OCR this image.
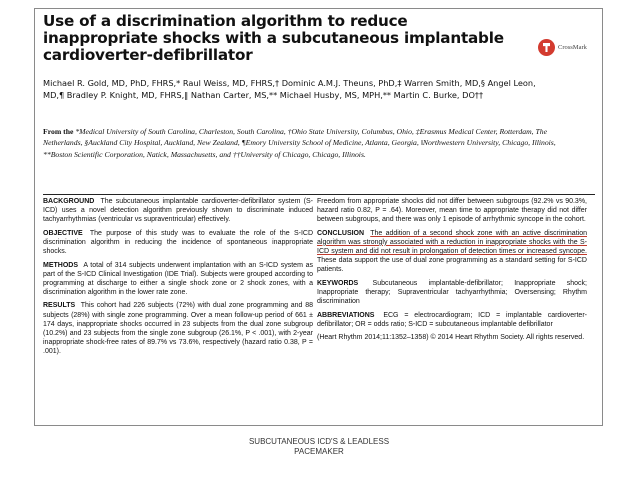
Use of a discrimination algorithm to reduce inappropriate shocks with a subcutaneous implantable cardioverter-defibrillator	CrossMark

Michael R. Gold, MD, PhD, FHRS,* Raul Weiss, MD, FHRS,† Dominic A.M.J. Theuns, PhD,‡ Warren Smith, MD,§ Angel Leon, MD,¶ Bradley P. Knight, MD, FHRS,‖ Nathan Carter, MS,** Michael Husby, MS, MPH,** Martin C. Burke, DO††

From the *Medical University of South Carolina, Charleston, South Carolina, †Ohio State University, Columbus, Ohio, ‡Erasmus Medical Center, Rotterdam, The Netherlands, §Auckland City Hospital, Auckland, New Zealand, ¶Emory University School of Medicine, Atlanta, Georgia, ‖Northwestern University, Chicago, Illinois, **Boston Scientific Corporation, Natick, Massachusetts, and ††University of Chicago, Chicago, Illinois.

BACKGROUND The subcutaneous implantable cardioverter-defibrillator system (S-ICD) uses a novel detection algorithm previously shown to discriminate induced tachyarrhythmias (ventricular vs supraventricular) effectively.

OBJECTIVE The purpose of this study was to evaluate the role of the S-ICD discrimination algorithm in reducing the incidence of spontaneous inappropriate shocks.

METHODS A total of 314 subjects underwent implantation with an S-ICD system as part of the S-ICD Clinical Investigation (IDE Trial). Subjects were grouped according to programming at discharge to either a single shock zone or 2 shock zones, with a discrimination algorithm in the lower rate zone.

RESULTS This cohort had 226 subjects (72%) with dual zone programming and 88 subjects (28%) with single zone programming. Over a mean follow-up period of 661 ± 174 days, inappropriate shocks occurred in 23 subjects from the dual zone subgroup (10.2%) and 23 subjects from the single zone subgroup (26.1%, P < .001), with 2-year inappropriate shock-free rates of 89.7% vs 73.6%, respectively (hazard ratio 0.38, P = .001).

Freedom from appropriate shocks did not differ between subgroups (92.2% vs 90.3%, hazard ratio 0.82, P = .64). Moreover, mean time to appropriate therapy did not differ between subgroups, and there was only 1 episode of arrhythmic syncope in the cohort.

CONCLUSION The addition of a second shock zone with an active discrimination algorithm was strongly associated with a reduction in inappropriate shocks with the S-ICD system and did not result in prolongation of detection times or increased syncope. These data support the use of dual zone programming as a standard setting for S-ICD patients.

KEYWORDS Subcutaneous implantable-defibrillator; Inappropriate shock; Inappropriate therapy; Supraventricular tachyarrhythmia; Oversensing; Rhythm discrimination

ABBREVIATIONS ECG = electrocardiogram; ICD = implantable cardioverter-defibrillator; OR = odds ratio; S-ICD = subcutaneous implantable defibrillator

(Heart Rhythm 2014;11:1352–1358) © 2014 Heart Rhythm Society. All rights reserved.

SUBCUTANEOUS ICD'S & LEADLESS
PACEMAKER
